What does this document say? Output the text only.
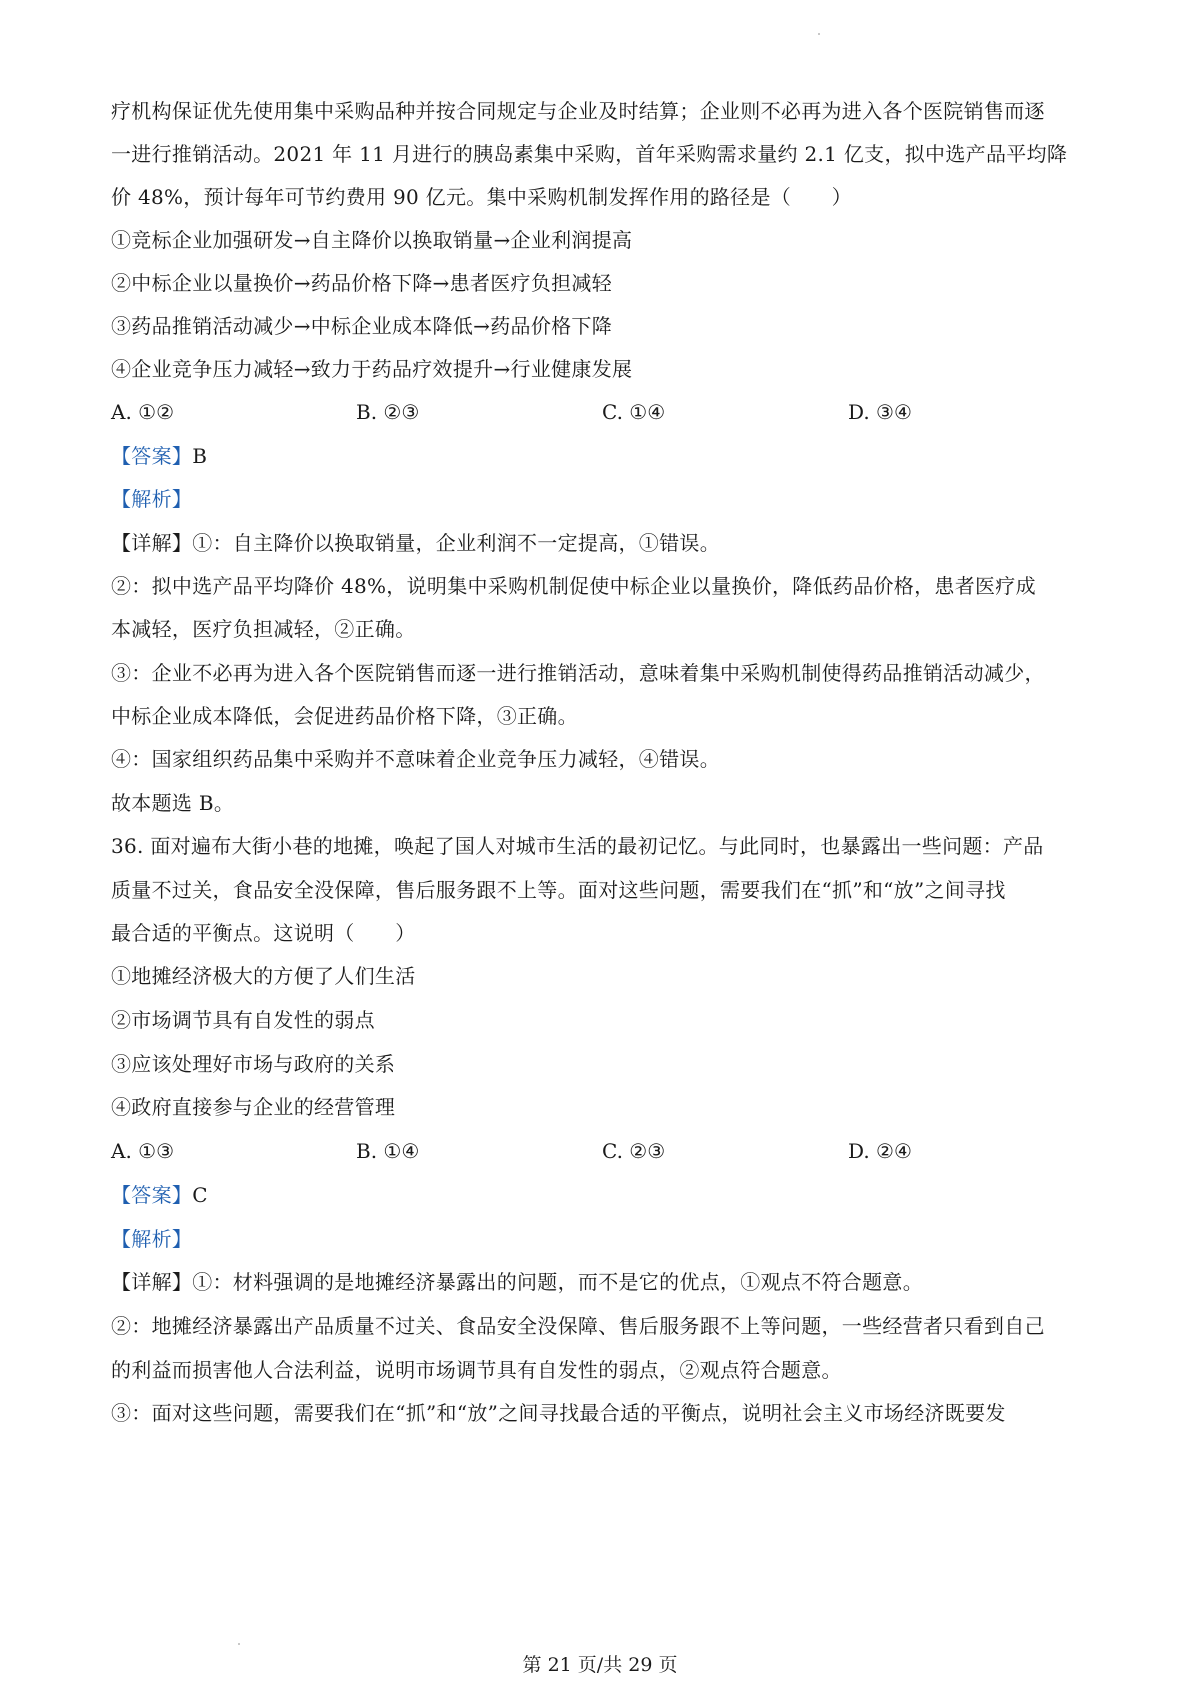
疗机构保证优先使用集中采购品种并按合同规定与企业及时结算；企业则不必再为进入各个医院销售而逐
一进行推销活动。2021 年 11 月进行的胰岛素集中采购，首年采购需求量约 2.1 亿支，拟中选产品平均降
价 48%，预计每年可节约费用 90 亿元。集中采购机制发挥作用的路径是（　　）
①竞标企业加强研发→自主降价以换取销量→企业利润提高
②中标企业以量换价→药品价格下降→患者医疗负担减轻
③药品推销活动减少→中标企业成本降低→药品价格下降
④企业竞争压力减轻→致力于药品疗效提升→行业健康发展
A. ①②	B. ②③	C. ①④	D. ③④
【答案】B
【解析】
【详解】①：自主降价以换取销量，企业利润不一定提高，①错误。
②：拟中选产品平均降价 48%，说明集中采购机制促使中标企业以量换价，降低药品价格，患者医疗成
本减轻，医疗负担减轻，②正确。
③：企业不必再为进入各个医院销售而逐一进行推销活动，意味着集中采购机制使得药品推销活动减少，
中标企业成本降低，会促进药品价格下降，③正确。
④：国家组织药品集中采购并不意味着企业竞争压力减轻，④错误。
故本题选 B。
36. 面对遍布大街小巷的地摊，唤起了国人对城市生活的最初记忆。与此同时，也暴露出一些问题：产品
质量不过关，食品安全没保障，售后服务跟不上等。面对这些问题，需要我们在“抓”和“放”之间寻找
最合适的平衡点。这说明（　　）
①地摊经济极大的方便了人们生活
②市场调节具有自发性的弱点
③应该处理好市场与政府的关系
④政府直接参与企业的经营管理
A. ①③	B. ①④	C. ②③	D. ②④
【答案】C
【解析】
【详解】①：材料强调的是地摊经济暴露出的问题，而不是它的优点，①观点不符合题意。
②：地摊经济暴露出产品质量不过关、食品安全没保障、售后服务跟不上等问题，一些经营者只看到自己
的利益而损害他人合法利益，说明市场调节具有自发性的弱点，②观点符合题意。
③：面对这些问题，需要我们在“抓”和“放”之间寻找最合适的平衡点，说明社会主义市场经济既要发
第 21 页/共 29 页
